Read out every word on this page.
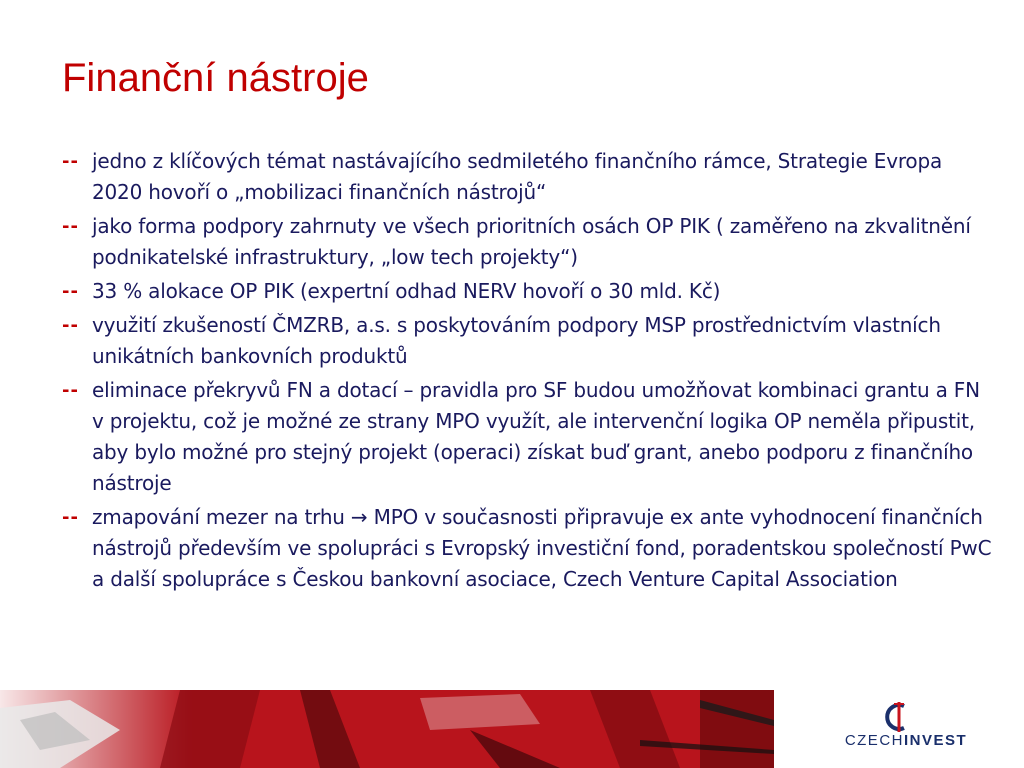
Finanční nástroje
-- jedno z klíčových témat nastávajícího sedmiletého finančního rámce, Strategie Evropa 2020 hovoří o „mobilizaci finančních nástrojů“
-- jako forma podpory zahrnuty ve všech prioritních osách OP PIK ( zaměřeno na zkvalitnění podnikatelské infrastruktury, „low tech projekty“)
-- 33 % alokace OP PIK (expertní odhad NERV hovoří o 30 mld. Kč)
-- využití zkušeností ČMZRB, a.s. s poskytováním podpory MSP prostřednictvím vlastních unikátních bankovních produktů
-- eliminace překryvů FN a dotací – pravidla pro SF budou umožňovat kombinaci grantu a FN v projektu, což je možné ze strany MPO využít, ale intervenční logika OP neměla připustit, aby bylo možné pro stejný projekt (operaci) získat buď grant, anebo podporu z finančního nástroje
-- zmapování mezer na trhu → MPO v současnosti připravuje ex ante vyhodnocení finančních nástrojů především ve spolupráci s Evropský investiční fond, poradentskou společností PwC a další spolupráce s Českou bankovní asociace, Czech Venture Capital Association
CZECHINVEST
